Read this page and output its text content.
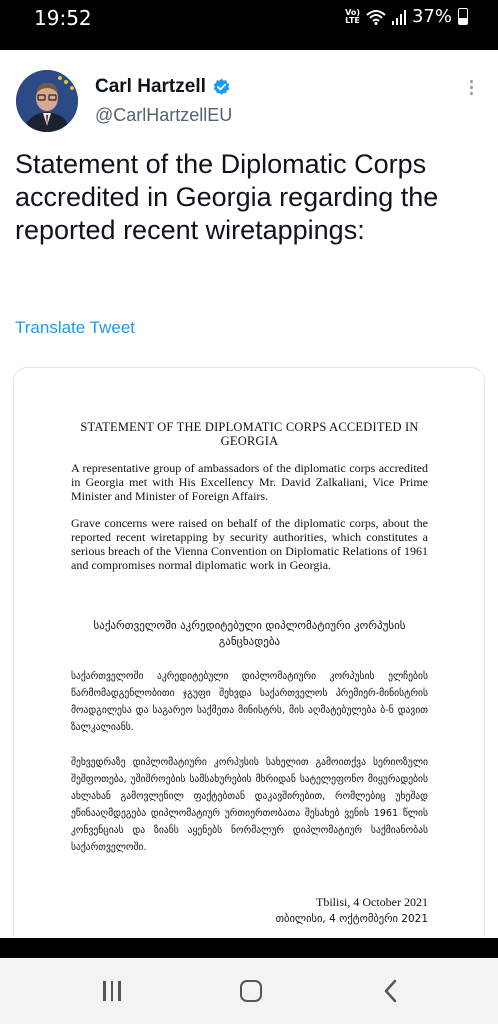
19:52	Vo)
LTE	37%
Carl Hartzell
@CarlHartzellEU
Statement of the Diplomatic Corps accredited in Georgia regarding the reported recent wiretappings:
Translate Tweet
STATEMENT OF THE DIPLOMATIC CORPS ACCEDITED IN GEORGIA
A representative group of ambassadors of the diplomatic corps accredited in Georgia met with His Excellency Mr. David Zalkaliani, Vice Prime Minister and Minister of Foreign Affairs.
Grave concerns were raised on behalf of the diplomatic corps, about the reported recent wiretapping by security authorities, which constitutes a serious breach of the Vienna Convention on Diplomatic Relations of 1961 and compromises normal diplomatic work in Georgia.
საქართველოში აკრედიტებული დიპლომატიური კორპუსის განცხადება
საქართველოში აკრედიტებული დიპლომატიური კორპუსის ელჩების წარმომადგენლობითი ჯგუფი შეხვდა საქართველოს პრემიერ-მინისტრის მოადგილესა და საგარეო საქმეთა მინისტრს, მის აღმატებულება ბ-ნ დავით ზალკალიანს.
შეხვედრაზე დიპლომატიური კორპუსის სახელით გამოითქვა სერიოზული შეშფოთება, უშიშროების სამსახურების მხრიდან სატელეფონო მიყურადების ახლახან გამოვლენილ ფაქტებთან დაკავშირებით, რომლებიც უხეშად ეწინააღმდეგება დიპლომატიურ ურთიერთობათა შესახებ ვენის 1961 წლის კონვენციას და ზიანს აყენებს ნორმალურ დიპლომატიურ საქმიანობას საქართველოში.
Tbilisi, 4 October 2021
თბილისი, 4 ოქტომბერი 2021
